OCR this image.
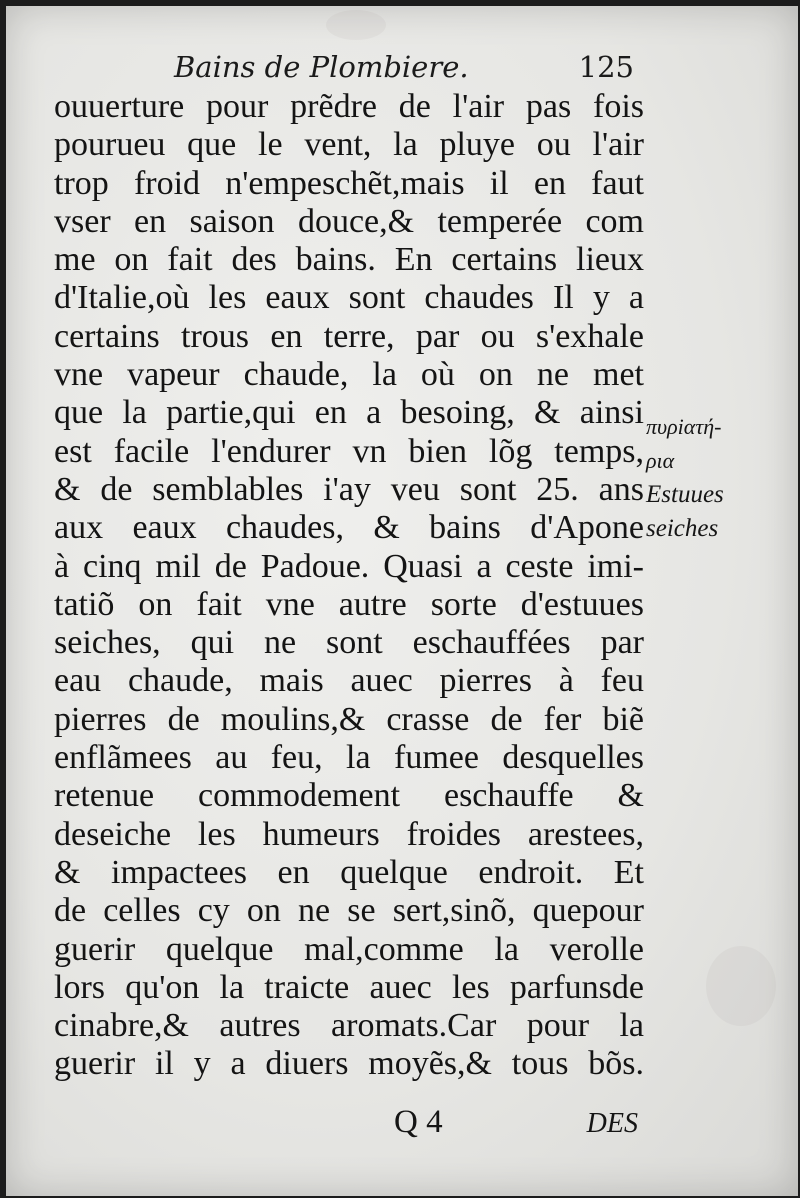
Bains de Plombiere.	125
ouuerture pour prẽdre de l'air pas fois
pourueu que le vent, la pluye ou l'air
trop froid n'empeschẽt,mais il en faut
vser en saison douce,& temperée com
me on fait des bains. En certains lieux
d'Italie,où les eaux sont chaudes Il y a
certains trous en terre, par ou s'exhale
vne vapeur chaude, la où on ne met
que la partie,qui en a besoing, & ainsi
est facile l'endurer vn bien lõg temps,
& de semblables i'ay veu sont 25. ans
aux eaux chaudes, & bains d'Apone
à cinq mil de Padoue. Quasi a ceste imi-
tatiõ on fait vne autre sorte d'estuues
seiches, qui ne sont eschauffées par
eau chaude, mais auec pierres à feu
pierres de moulins,& crasse de fer biẽ
enflãmees au feu, la fumee desquelles
retenue commodement eschauffe &
deseiche les humeurs froides arestees,
& impactees en quelque endroit. Et
de celles cy on ne se sert,sinõ, quepour
guerir quelque mal,comme la verolle
lors qu'on la traicte auec les parfunsde
cinabre,& autres aromats.Car pour la
guerir il y a diuers moyẽs,& tous bõs.
πυρiατή-
ρια
Estuues
seiches
Q 4	DES
